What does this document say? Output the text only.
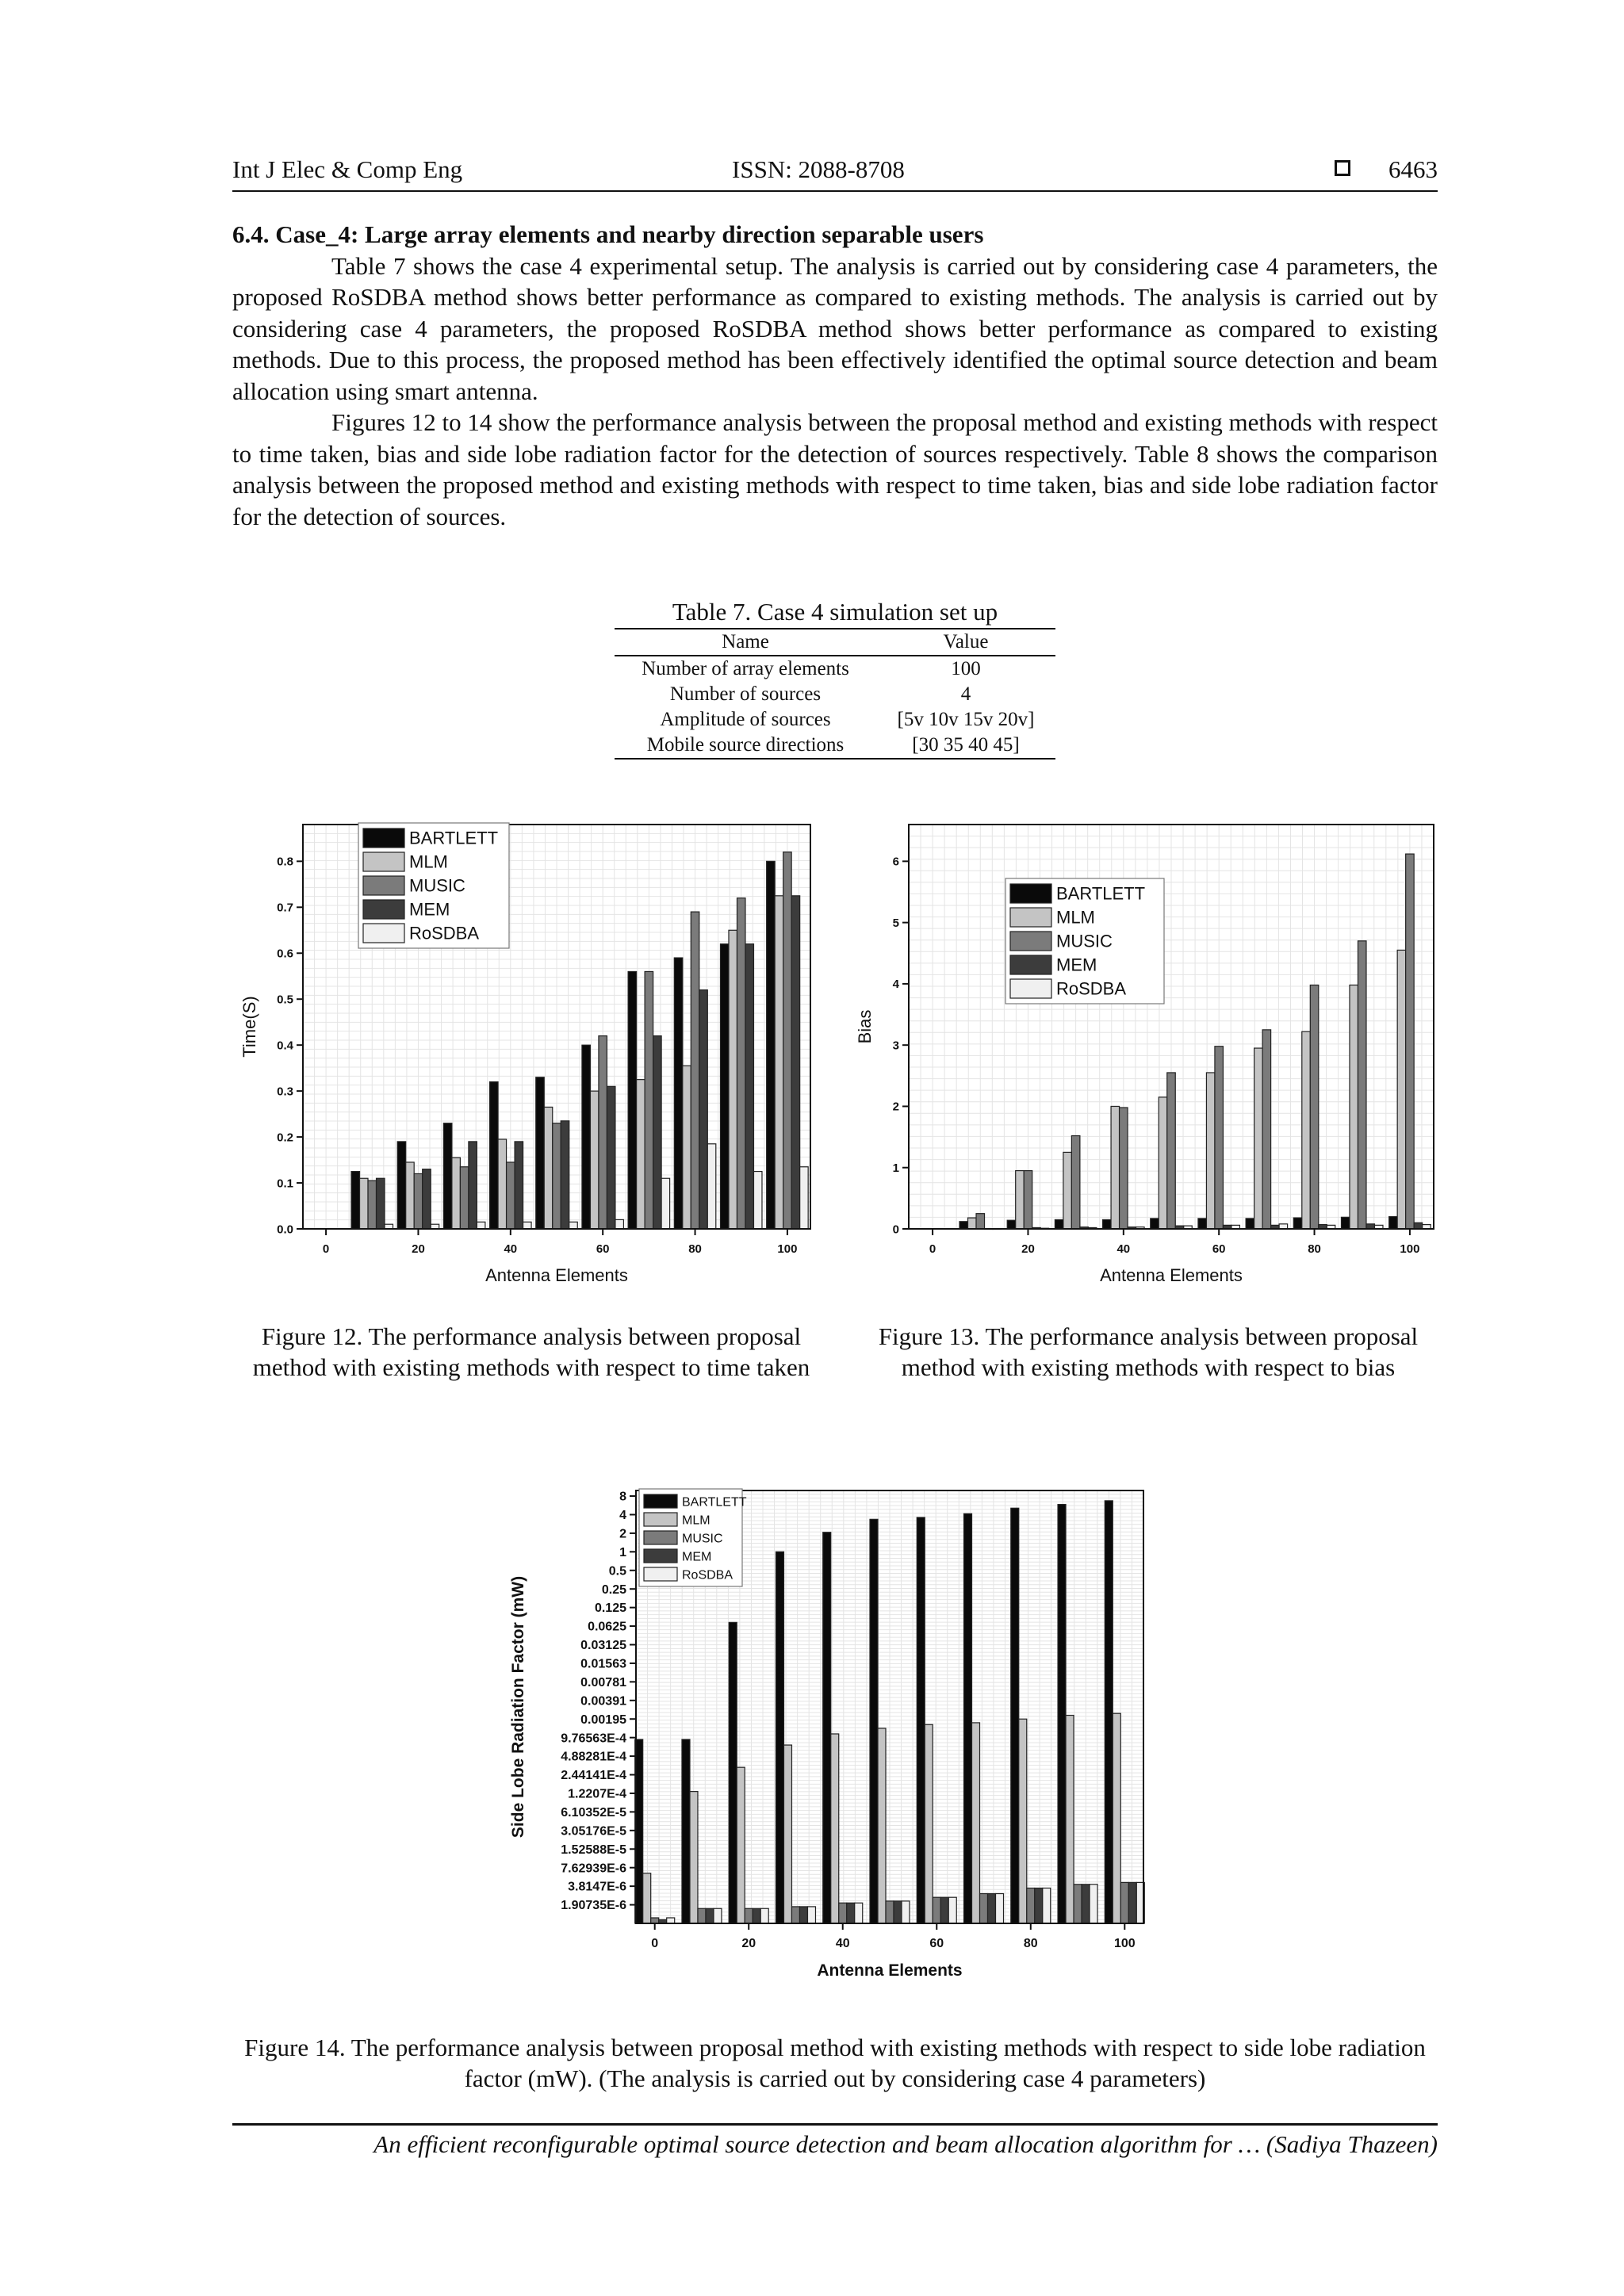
Int J Elec & Comp Eng	ISSN: 2088-8708	6463

6.4. Case_4: Large array elements and nearby direction separable users

Table 7 shows the case 4 experimental setup. The analysis is carried out by considering case 4 parameters, the proposed RoSDBA method shows better performance as compared to existing methods. The analysis is carried out by considering case 4 parameters, the proposed RoSDBA method shows better performance as compared to existing methods. Due to this process, the proposed method has been effectively identified the optimal source detection and beam allocation using smart antenna.

Figures 12 to 14 show the performance analysis between the proposal method and existing methods with respect to time taken, bias and side lobe radiation factor for the detection of sources respectively. Table 8 shows the comparison analysis between the proposed method and existing methods with respect to time taken, bias and side lobe radiation factor for the detection of sources.

Table 7. Case 4 simulation set up
Name	Value
Number of array elements	100
Number of sources	4
Amplitude of sources	[5v 10v 15v 20v]
Mobile source directions	[30 35 40 45]
0	20	40	60	80	100
0.0
0.1
0.2
0.3
0.4
0.5
0.6
0.7
0.8
Antenna Elements
Time(S)
BARTLETT
MLM
MUSIC
MEM
RoSDBA
Figure 12. The performance analysis between proposal method with existing methods with respect to time taken
0	20	40	60	80	100
0
1
2
3
4
5
6
Antenna Elements
Bias
BARTLETT
MLM
MUSIC
MEM
RoSDBA
Figure 13. The performance analysis between proposal method with existing methods with respect to bias
0	20	40	60	80	100
8
4
2
1
0.5
0.25
0.125
0.0625
0.03125
0.01563
0.00781
0.00391
0.00195
9.76563E-4
4.88281E-4
2.44141E-4
1.2207E-4
6.10352E-5
3.05176E-5
1.52588E-5
7.62939E-6
3.8147E-6
1.90735E-6
Antenna Elements
Side Lobe Radiation Factor (mW)
BARTLETT
MLM
MUSIC
MEM
RoSDBA
Figure 14. The performance analysis between proposal method with existing methods with respect to side lobe radiation factor (mW). (The analysis is carried out by considering case 4 parameters)
An efficient reconfigurable optimal source detection and beam allocation algorithm for … (Sadiya Thazeen)
